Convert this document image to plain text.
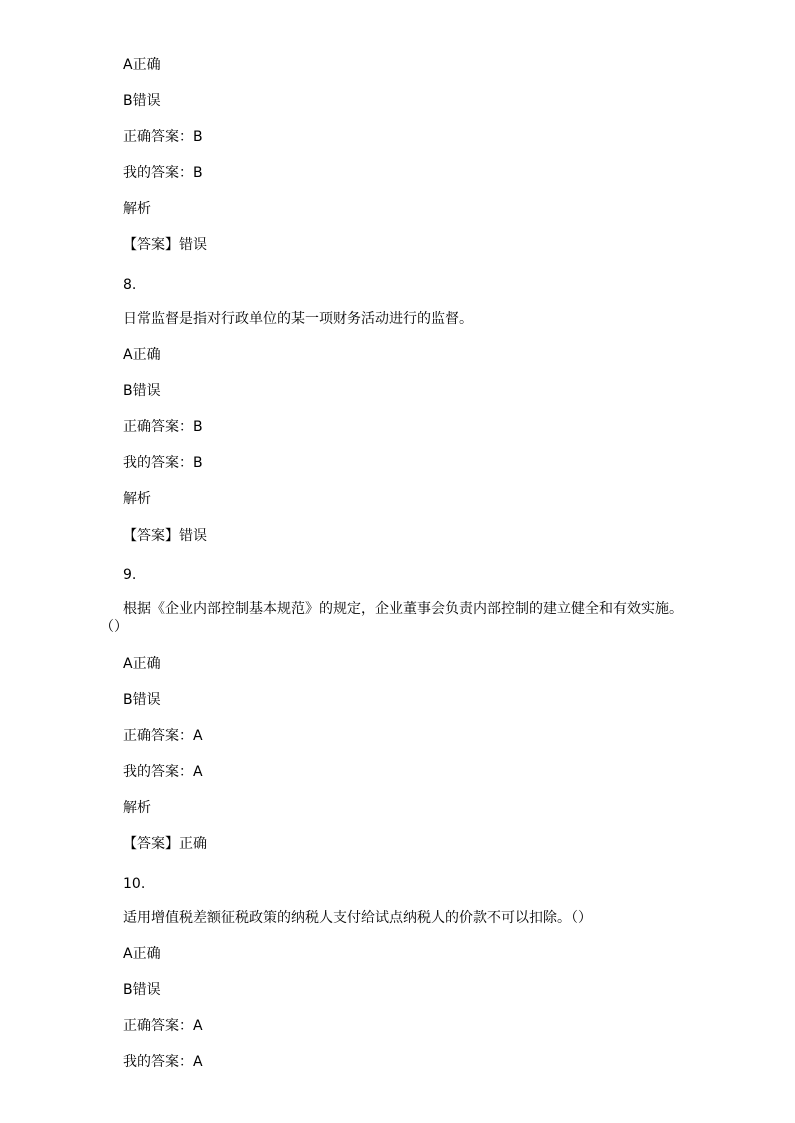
A正确
B错误
正确答案：B
我的答案：B
解析
【答案】错误
8.
日常监督是指对行政单位的某一项财务活动进行的监督。
A正确
B错误
正确答案：B
我的答案：B
解析
【答案】错误
9.
根据《企业内部控制基本规范》的规定，企业董事会负责内部控制的建立健全和有效实施。
（）
A正确
B错误
正确答案：A
我的答案：A
解析
【答案】正确
10.
适用增值税差额征税政策的纳税人支付给试点纳税人的价款不可以扣除。（）
A正确
B错误
正确答案：A
我的答案：A
